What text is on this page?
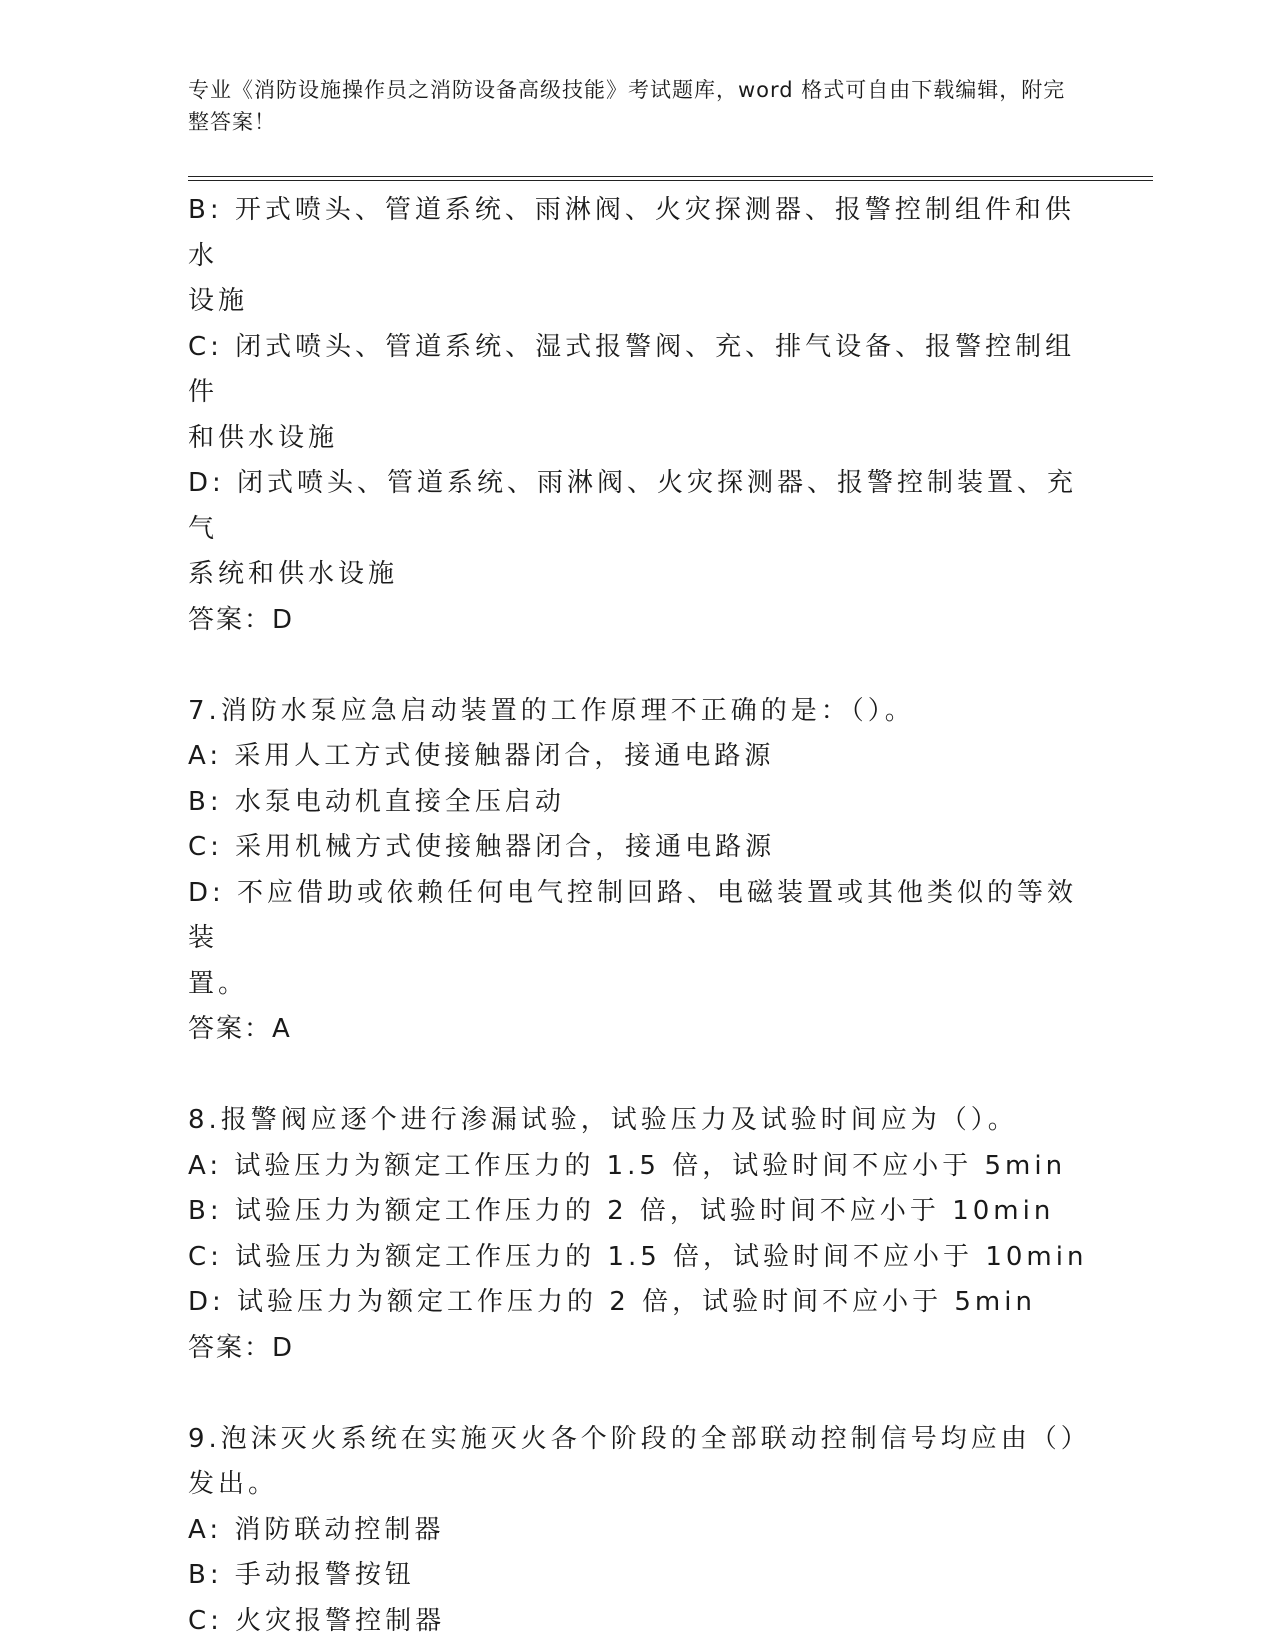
专业《消防设施操作员之消防设备高级技能》考试题库，word 格式可自由下载编辑，附完整答案！
B: 开式喷头、管道系统、雨淋阀、火灾探测器、报警控制组件和供水
设施
C: 闭式喷头、管道系统、湿式报警阀、充、排气设备、报警控制组件
和供水设施
D: 闭式喷头、管道系统、雨淋阀、火灾探测器、报警控制装置、充气
系统和供水设施
答案：D
7.消防水泵应急启动装置的工作原理不正确的是：（）。
A: 采用人工方式使接触器闭合，接通电路源
B: 水泵电动机直接全压启动
C: 采用机械方式使接触器闭合，接通电路源
D: 不应借助或依赖任何电气控制回路、电磁装置或其他类似的等效装
置。
答案：A
8.报警阀应逐个进行渗漏试验，试验压力及试验时间应为（）。
A: 试验压力为额定工作压力的 1.5 倍，试验时间不应小于 5min
B: 试验压力为额定工作压力的 2 倍，试验时间不应小于 10min
C: 试验压力为额定工作压力的 1.5 倍，试验时间不应小于 10min
D: 试验压力为额定工作压力的 2 倍，试验时间不应小于 5min
答案：D
9.泡沫灭火系统在实施灭火各个阶段的全部联动控制信号均应由（）
发出。
A: 消防联动控制器
B: 手动报警按钮
C: 火灾报警控制器
